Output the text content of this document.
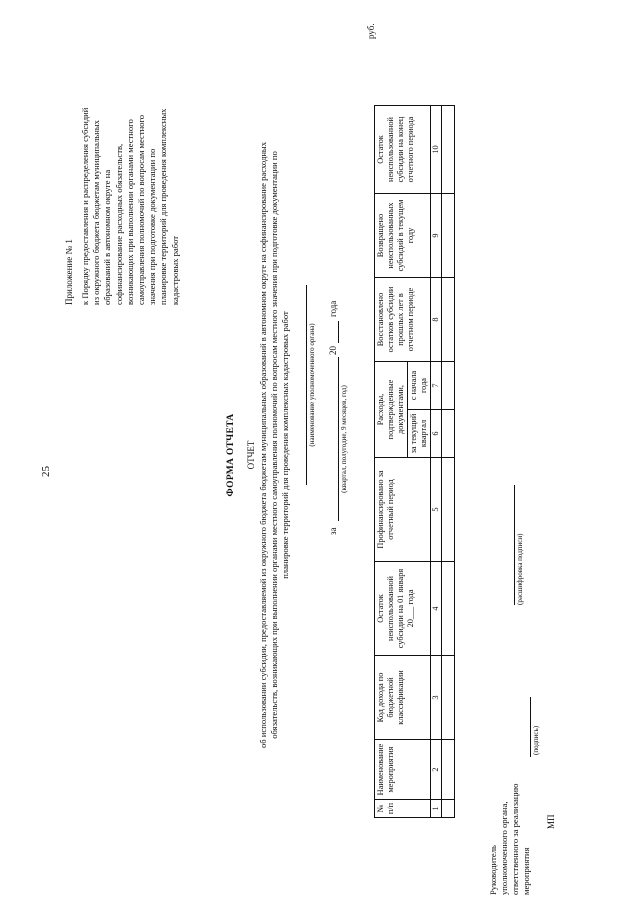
25
Приложение № 1 к Порядку предоставления и распределения субсидий из окружного бюджета бюджетам муниципальных образований в автономном округе на софинансирование расходных обязательств, возникающих при выполнении органами местного самоуправления полномочий по вопросам местного значения при подготовке документации по планировке территорий для проведения комплексных кадастровых работ
ФОРМА ОТЧЕТА ОТЧЕТ об использовании субсидии, предоставляемой из окружного бюджета бюджетам муниципальных образований в автономном округе на софинансирование расходных обязательств, возникающих при выполнении органами местного самоуправления полномочий по вопросам местного значения при подготовке документации по планировке территорий для проведения комплексных кадастровых работ	(наименование уполномоченного органа)
за
20
года
(квартал, полугодие, 9 месяцев, год)
руб.
№ п/п	Наименование мероприятия	Код дохода по бюджетной классификации	Остаток неиспользованной субсидии на 01 января 20___ года	Профинансировано за отчетный период	Расходы, подтвержденные документами,		Восстановлено остатков субсидии прошлых лет в отчетном периоде	Возвращено неиспользованных субсидий в текущем году	Остаток неиспользованной субсидии на конец отчетного периода
					за текущий квартал	с начала года			
1	2	3	4	5	6	7	8	9	10

Руководитель уполномоченного органа, ответственного за реализацию мероприятия
(подпись)
(расшифровка подписи)
МП
